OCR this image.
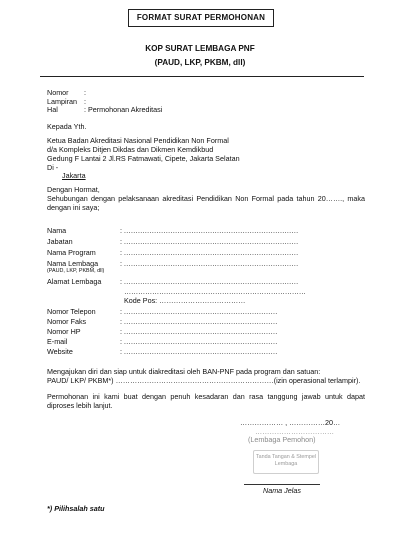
FORMAT SURAT PERMOHONAN
KOP SURAT LEMBAGA PNF
(PAUD, LKP, PKBM, dll)
Nomor :
Lampiran :
Hal	: Permohonan Akreditasi
Kepada Yth.
Ketua Badan Akreditasi Nasional Pendidikan Non Formal
d/a Kompleks Ditjen Dikdas dan Dikmen Kemdikbud
Gedung F Lantai 2 Jl.RS Fatmawati, Cipete, Jakarta Selatan
Di -
Jakarta
Dengan Hormat,
Sehubungan dengan pelaksanaan akreditasi Pendidikan Non Formal pada tahun 20……., maka dengan ini saya;
Nama	: …………………………………………………………………
Jabatan	: …………………………………………………………………
Nama Program	: …………………………………………………………………
Nama Lembaga	: …………………………………………………………………
(PAUD, LKP, PKBM, dll)
Alamat Lembaga	: …………………………………………………………………
……………………………………………………………………
Kode Pos: ………………………………
Nomor Telepon	: …………………………………………………………
Nomor Faks	: …………………………………………………………
Nomor HP	: …………………………………………………………
E-mail	: …………………………………………………………
Website	: …………………………………………………………
Mengajukan diri dan siap untuk diakreditasi oleh BAN-PNF pada program dan satuan:
PAUD/ LKP/ PKBM*) …………………………………………………………(izin operasional terlampir).
Permohonan ini kami buat dengan penuh kesadaran dan rasa tanggung jawab untuk dapat diproses lebih lanjut.
……………… , ……………20…
……………………………
(Lembaga Pemohon)
Tanda Tangan & Stempel Lembaga
Nama Jelas
*) Pilihsalah satu
